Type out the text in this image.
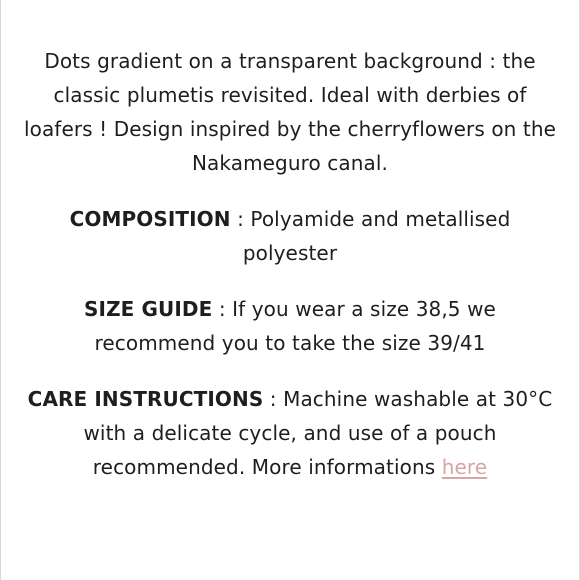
Dots gradient on a transparent background : the classic plumetis revisited. Ideal with derbies of loafers ! Design inspired by the cherryflowers on the Nakameguro canal.

COMPOSITION : Polyamide and metallised polyester

SIZE GUIDE : If you wear a size 38,5 we recommend you to take the size 39/41

CARE INSTRUCTIONS : Machine washable at 30°C with a delicate cycle, and use of a pouch recommended. More informations here
